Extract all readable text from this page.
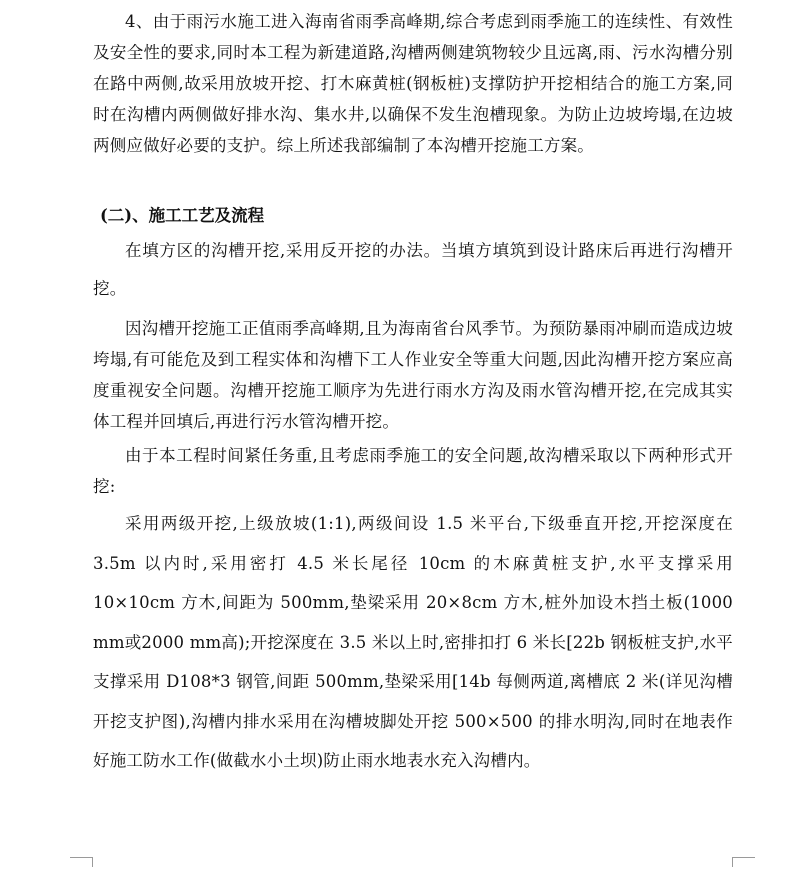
4、由于雨污水施工进入海南省雨季高峰期,综合考虑到雨季施工的连续性、有效性及安全性的要求,同时本工程为新建道路,沟槽两侧建筑物较少且远离,雨、污水沟槽分别在路中两侧,故采用放坡开挖、打木麻黄桩(钢板桩)支撑防护开挖相结合的施工方案,同时在沟槽内两侧做好排水沟、集水井,以确保不发生泡槽现象。为防止边坡垮塌,在边坡两侧应做好必要的支护。综上所述我部编制了本沟槽开挖施工方案。

(二)、施工工艺及流程

在填方区的沟槽开挖,采用反开挖的办法。当填方填筑到设计路床后再进行沟槽开挖。

因沟槽开挖施工正值雨季高峰期,且为海南省台风季节。为预防暴雨冲刷而造成边坡垮塌,有可能危及到工程实体和沟槽下工人作业安全等重大问题,因此沟槽开挖方案应高度重视安全问题。沟槽开挖施工顺序为先进行雨水方沟及雨水管沟槽开挖,在完成其实体工程并回填后,再进行污水管沟槽开挖。

由于本工程时间紧任务重,且考虑雨季施工的安全问题,故沟槽采取以下两种形式开挖:

采用两级开挖,上级放坡(1:1),两级间设 1.5 米平台,下级垂直开挖,开挖深度在 3.5m 以内时,采用密打 4.5 米长尾径 10cm 的木麻黄桩支护,水平支撑采用 10×10cm 方木,间距为 500mm,垫梁采用 20×8cm 方木,桩外加设木挡土板(1000 mm或2000 mm高);开挖深度在 3.5 米以上时,密排扣打 6 米长[22b 钢板桩支护,水平支撑采用 D108*3 钢管,间距 500mm,垫梁采用[14b 每侧两道,离槽底 2 米(详见沟槽开挖支护图),沟槽内排水采用在沟槽坡脚处开挖 500×500 的排水明沟,同时在地表作好施工防水工作(做截水小土坝)防止雨水地表水充入沟槽内。
